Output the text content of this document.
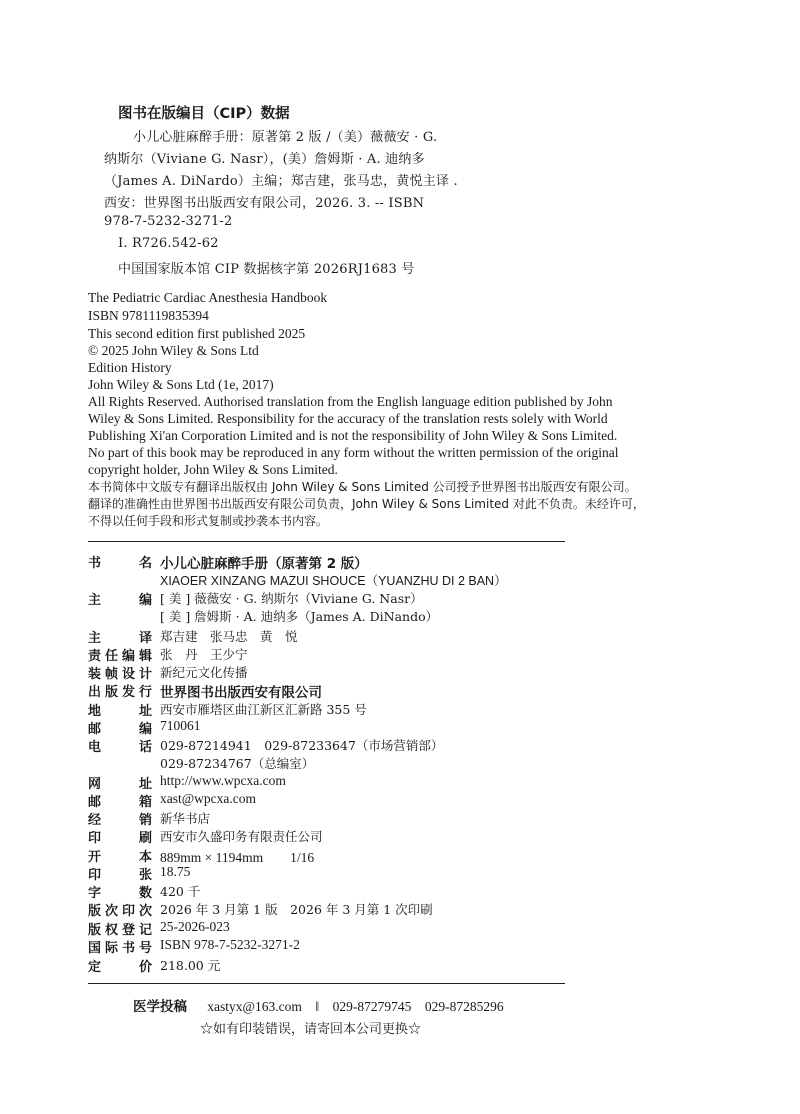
图书在版编目（CIP）数据
小儿心脏麻醉手册：原著第 2 版 /（美）薇薇安 · G.
纳斯尔（Viviane G. Nasr），(美）詹姆斯 · A. 迪纳多
（James A. DiNardo）主编；郑吉建，张马忠，黄悦主译 .
西安：世界图书出版西安有限公司，2026. 3. -- ISBN
978-7-5232-3271-2
Ⅰ. R726.542-62
中国国家版本馆 CIP 数据核字第 2026RJ1683 号
The Pediatric Cardiac Anesthesia Handbook
ISBN 9781119835394
This second edition first published 2025
© 2025 John Wiley & Sons Ltd
Edition History
John Wiley & Sons Ltd (1e, 2017)
All Rights Reserved. Authorised translation from the English language edition published by John
Wiley & Sons Limited. Responsibility for the accuracy of the translation rests solely with World
Publishing Xi'an Corporation Limited and is not the responsibility of John Wiley & Sons Limited.
No part of this book may be reproduced in any form without the written permission of the original
copyright holder, John Wiley & Sons Limited.
本书简体中文版专有翻译出版权由 John Wiley & Sons Limited 公司授予世界图书出版西安有限公司。
翻译的准确性由世界图书出版西安有限公司负责，John Wiley & Sons Limited 对此不负责。未经许可，
不得以任何手段和形式复制或抄袭本书内容。
书	名 小儿心脏麻醉手册（原著第 2 版）
XIAOER XINZANG MAZUI SHOUCE（YUANZHU DI 2 BAN）
主	编 [ 美 ] 薇薇安 · G. 纳斯尔（Viviane G. Nasr）
[ 美 ] 詹姆斯 · A. 迪纳多（James A. DiNando）
主	译 郑吉建　张马忠　黄　悦
责 任 编 辑 张　丹　王少宁
装 帧 设 计 新纪元文化传播
出 版 发 行 世界图书出版西安有限公司
地	址 西安市雁塔区曲江新区汇新路 355 号
邮	编 710061
电	话 029-87214941　029-87233647（市场营销部）
029-87234767（总编室）
网	址 http://www.wpcxa.com
邮	箱 xast@wpcxa.com
经	销 新华书店
印	刷 西安市久盛印务有限责任公司
开	本 889mm × 1194mm　　1/16
印	张 18.75
字	数 420 千
版 次 印 次 2026 年 3 月第 1 版　2026 年 3 月第 1 次印刷
版 权 登 记 25-2026-023
国 际 书 号 ISBN 978-7-5232-3271-2
定	价 218.00 元
医学投稿 xastyx@163.com　‖　029-87279745　029-87285296
☆如有印装错误，请寄回本公司更换☆
